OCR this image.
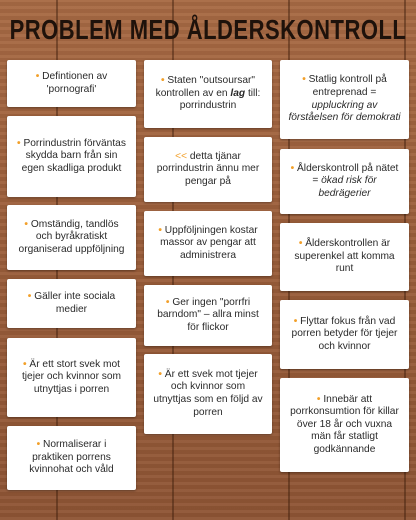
PROBLEM MED ÅLDERSKONTROLL

• Defintionen av 'pornografi'

• Porrindustrin förväntas skydda barn från sin egen skadliga produkt

• Omständig, tandlös och byråkratiskt organiserad uppföljning

• Gäller inte sociala medier

• Är ett stort svek mot tjejer och kvinnor som utnyttjas i porren

• Normaliserar i praktiken porrens kvinnohat och våld

• Staten "outsoursar" kontrollen av en lag till: porrindustrin

<< detta tjänar porrindustrin ännu mer pengar på

• Uppföljningen kostar massor av pengar att administrera

• Ger ingen "porrfri barndom" – allra minst för flickor

• Är ett svek mot tjejer och kvinnor som utnyttjas som en följd av porren

• Statlig kontroll på entreprenad = uppluckring av förståelsen för demokrati

• Ålderskontroll på nätet = ökad risk för bedrägerier

• Ålderskontrollen är superenkel att komma runt

• Flyttar fokus från vad porren betyder för tjejer och kvinnor

• Innebär att porrkonsumtion för killar över 18 år och vuxna män får statligt godkännande
